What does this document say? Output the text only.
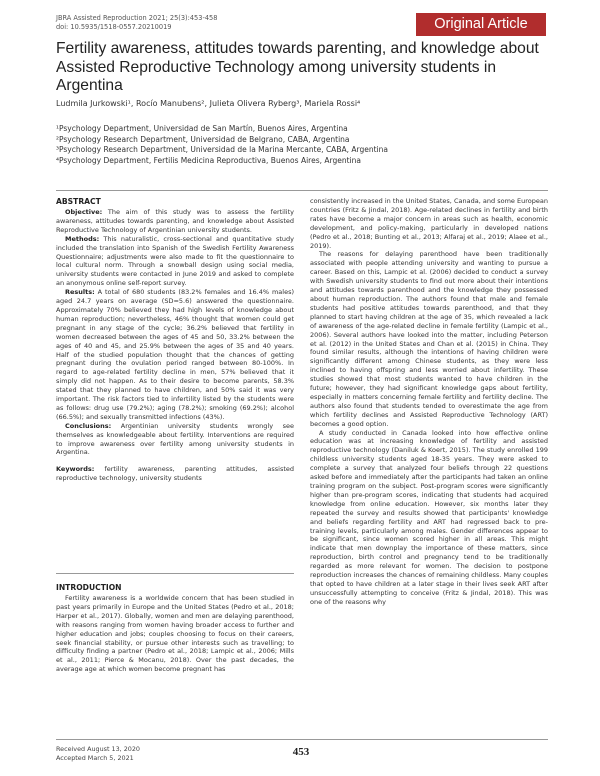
JBRA Assisted Reproduction 2021; 25(3):453-458
doi: 10.5935/1518-0557.20210019	Original Article
Fertility awareness, attitudes towards parenting, and knowledge about Assisted Reproductive Technology among university students in Argentina
Ludmila Jurkowski¹, Rocío Manubens², Julieta Olivera Ryberg³, Mariela Rossi⁴
¹Psychology Department, Universidad de San Martín, Buenos Aires, Argentina
²Psychology Research Department, Universidad de Belgrano, CABA, Argentina
³Psychology Research Department, Universidad de la Marina Mercante, CABA, Argentina
⁴Psychology Department, Fertilis Medicina Reproductiva, Buenos Aires, Argentina
ABSTRACT

Objective: The aim of this study was to assess the fertility awareness, attitudes towards parenting, and knowledge about Assisted Reproductive Technology of Argentinian university students.

Methods: This naturalistic, cross-sectional and quantitative study included the translation into Spanish of the Swedish Fertility Awareness Questionnaire; adjustments were also made to fit the questionnaire to local cultural norm. Through a snowball design using social media, university students were contacted in June 2019 and asked to complete an anonymous online self-report survey.

Results: A total of 680 students (83.2% females and 16.4% males) aged 24.7 years on average (SD=5.6) answered the questionnaire. Approximately 70% believed they had high levels of knowledge about human reproduction; nevertheless, 46% thought that women could get pregnant in any stage of the cycle; 36.2% believed that fertility in women decreased between the ages of 45 and 50, 33.2% between the ages of 40 and 45, and 25.9% between the ages of 35 and 40 years. Half of the studied population thought that the chances of getting pregnant during the ovulation period ranged between 80-100%. In regard to age-related fertility decline in men, 57% believed that it simply did not happen. As to their desire to become parents, 58.3% stated that they planned to have children, and 50% said it was very important. The risk factors tied to infertility listed by the students were as follows: drug use (79.2%); aging (78.2%); smoking (69.2%); alcohol (66.5%); and sexually transmitted infections (43%).

Conclusions: Argentinian university students wrongly see themselves as knowledgeable about fertility. Interventions are required to improve awareness over fertility among university students in Argentina.

Keywords: fertility awareness, parenting attitudes, assisted reproductive technology, university students

INTRODUCTION

Fertility awareness is a worldwide concern that has been studied in past years primarily in Europe and the United States (Pedro et al., 2018; Harper et al., 2017). Globally, women and men are delaying parenthood, with reasons ranging from women having broader access to further and higher education and jobs; couples choosing to focus on their careers, seek financial stability, or pursue other interests such as travelling; to difficulty finding a partner (Pedro et al., 2018; Lampic et al., 2006; Mills et al., 2011; Pierce & Mocanu, 2018). Over the past decades, the average age at which women become pregnant has

consistently increased in the United States, Canada, and some European countries (Fritz & Jindal, 2018). Age-related declines in fertility and birth rates have become a major concern in areas such as health, economic development, and policy-making, particularly in developed nations (Pedro et al., 2018; Bunting et al., 2013; Alfaraj et al., 2019; Alaee et al., 2019).

The reasons for delaying parenthood have been traditionally associated with people attending university and wanting to pursue a career. Based on this, Lampic et al. (2006) decided to conduct a survey with Swedish university students to find out more about their intentions and attitudes towards parenthood and the knowledge they possessed about human reproduction. The authors found that male and female students had positive attitudes towards parenthood, and that they planned to start having children at the age of 35, which revealed a lack of awareness of the age-related decline in female fertility (Lampic et al., 2006). Several authors have looked into the matter, including Peterson et al. (2012) in the United States and Chan et al. (2015) in China. They found similar results, although the intentions of having children were significantly different among Chinese students, as they were less inclined to having offspring and less worried about infertility. These studies showed that most students wanted to have children in the future; however, they had significant knowledge gaps about fertility, especially in matters concerning female fertility and fertility decline. The authors also found that students tended to overestimate the age from which fertility declines and Assisted Reproductive Technology (ART) becomes a good option.

A study conducted in Canada looked into how effective online education was at increasing knowledge of fertility and assisted reproductive technology (Daniluk & Koert, 2015). The study enrolled 199 childless university students aged 18-35 years. They were asked to complete a survey that analyzed four beliefs through 22 questions asked before and immediately after the participants had taken an online training program on the subject. Post-program scores were significantly higher than pre-program scores, indicating that students had acquired knowledge from online education. However, six months later they repeated the survey and results showed that participants' knowledge and beliefs regarding fertility and ART had regressed back to pre-training levels, particularly among males. Gender differences appear to be significant, since women scored higher in all areas. This might indicate that men downplay the importance of these matters, since reproduction, birth control and pregnancy tend to be traditionally regarded as more relevant for women. The decision to postpone reproduction increases the chances of remaining childless. Many couples that opted to have children at a later stage in their lives seek ART after unsuccessfully attempting to conceive (Fritz & Jindal, 2018). This was one of the reasons why

Received August 13, 2020
Accepted March 5, 2021	453
